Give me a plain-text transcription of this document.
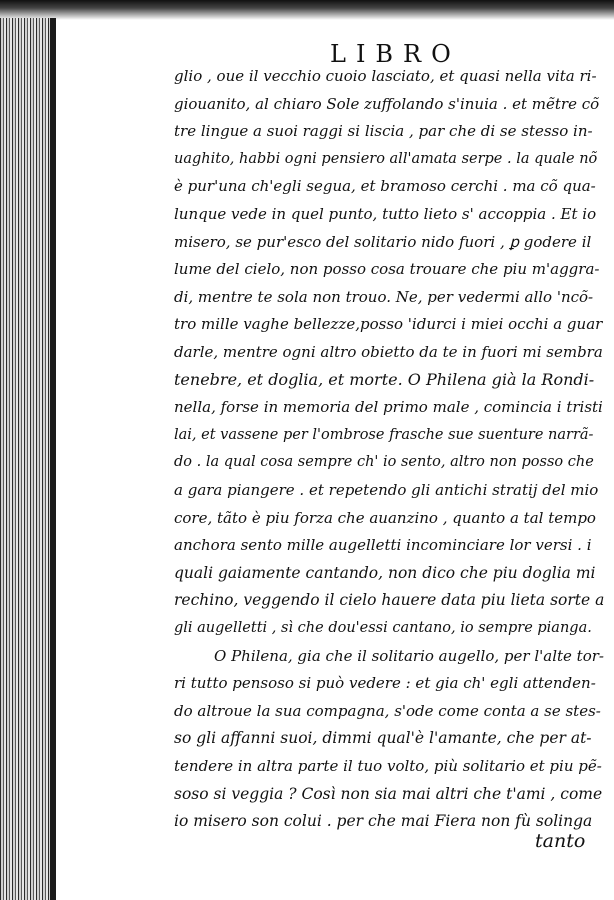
LIBRO
glio , oue il vecchio cuoio lasciato, et quasi nella vita ri-
giouanito, al chiaro Sole zuffolando s'inuia . et mẽtre cõ
tre lingue a suoi raggi si liscia , par che di se stesso in-
uaghito, habbi ogni pensiero all'amata serpe . la quale nõ
è pur'una ch'egli segua, et bramoso cerchi . ma cõ qua-
lunque vede in quel punto, tutto lieto s' accoppia . Et io
misero, se pur'esco del solitario nido fuori , ꝑ godere il
lume del cielo, non posso cosa trouare che piu m'aggra-
di, mentre te sola non trouo. Ne, per vedermi allo 'ncõ-
tro mille vaghe bellezze,posso 'idurci i miei occhi a guar
darle, mentre ogni altro obietto da te in fuori mi sembra
tenebre, et doglia, et morte. O Philena già la Rondi-
nella, forse in memoria del primo male , comincia i tristi
lai, et vassene per l'ombrose frasche sue suenture narrã-
do . la qual cosa sempre ch' io sento, altro non posso che
a gara piangere . et repetendo gli antichi stratij del mio
core, tãto è piu forza che auanzino , quanto a tal tempo
anchora sento mille augelletti incominciare lor versi . i
quali gaiamente cantando, non dico che piu doglia mi
rechino, veggendo il cielo hauere data piu lieta sorte a
gli augelletti , sì che dou'essi cantano, io sempre pianga.
O Philena, gia che il solitario augello, per l'alte tor-
ri tutto pensoso si può vedere : et gia ch' egli attenden-
do altroue la sua compagna, s'ode come conta a se stes-
so gli affanni suoi, dimmi qual'è l'amante, che per at-
tendere in altra parte il tuo volto, più solitario et piu pẽ-
soso si veggia ? Così non sia mai altri che t'ami , come
io misero son colui . per che mai Fiera non fù solinga
tanto
